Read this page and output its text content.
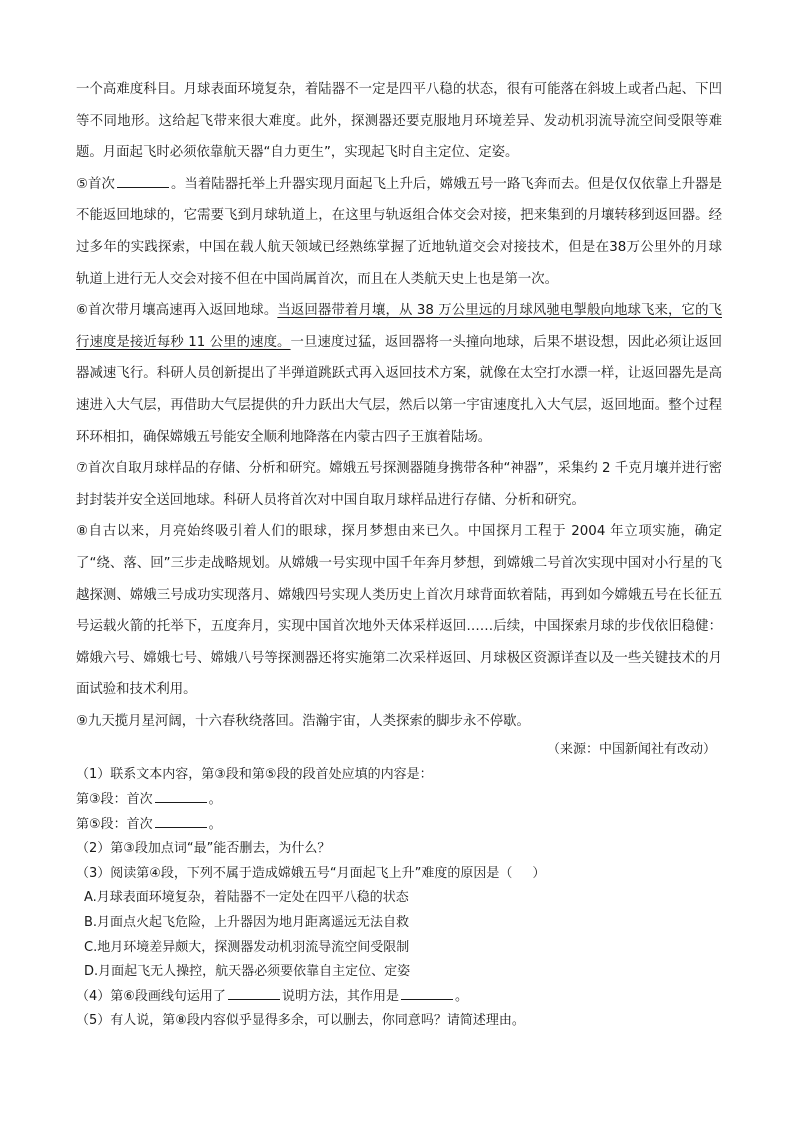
一个高难度科目。月球表面环境复杂，着陆器不一定是四平八稳的状态，很有可能落在斜坡上或者凸起、下凹等不同地形。这给起飞带来很大难度。此外，探测器还要克服地月环境差异、发动机羽流导流空间受限等难题。月面起飞时必须依靠航天器“自力更生”，实现起飞时自主定位、定姿。

⑤首次	。当着陆器托举上升器实现月面起飞上升后，嫦娥五号一路飞奔而去。但是仅仅依靠上升器是不能返回地球的，它需要飞到月球轨道上，在这里与轨返组合体交会对接，把来集到的月壤转移到返回器。经过多年的实践探索，中国在载人航天领域已经熟练掌握了近地轨道交会对接技术，但是在38万公里外的月球轨道上进行无人交会对接不但在中国尚属首次，而且在人类航天史上也是第一次。

⑥首次带月壤高速再入返回地球。当返回器带着月壤，从 38 万公里远的月球风驰电掣般向地球飞来，它的飞行速度是接近每秒 11 公里的速度。一旦速度过猛，返回器将一头撞向地球，后果不堪设想，因此必须让返回器减速飞行。科研人员创新提出了半弹道跳跃式再入返回技术方案，就像在太空打水漂一样，让返回器先是高速进入大气层，再借助大气层提供的升力跃出大气层，然后以第一宇宙速度扎入大气层，返回地面。整个过程环环相扣，确保嫦娥五号能安全顺利地降落在内蒙古四子王旗着陆场。

⑦首次自取月球样品的存储、分析和研究。嫦娥五号探测器随身携带各种“神器”，采集约 2 千克月壤并进行密封封装并安全送回地球。科研人员将首次对中国自取月球样品进行存储、分析和研究。

⑧自古以来，月亮始终吸引着人们的眼球，探月梦想由来已久。中国探月工程于 2004 年立项实施，确定了“绕、落、回”三步走战略规划。从嫦娥一号实现中国千年奔月梦想，到嫦娥二号首次实现中国对小行星的飞越探测、嫦娥三号成功实现落月、嫦娥四号实现人类历史上首次月球背面软着陆，再到如今嫦娥五号在长征五号运载火箭的托举下，五度奔月，实现中国首次地外天体采样返回……后续，中国探索月球的步伐依旧稳健：嫦娥六号、嫦娥七号、嫦娥八号等探测器还将实施第二次采样返回、月球极区资源详查以及一些关键技术的月面试验和技术利用。

⑨九天揽月星河阔，十六春秋绕落回。浩瀚宇宙，人类探索的脚步永不停歇。

（来源：中国新闻社有改动）

（1）联系文本内容，第③段和第⑤段的段首处应填的内容是：

第③段：首次	。

第⑤段：首次	。

（2）第③段加点词“最”能否删去，为什么？

（3）阅读第④段，下列不属于造成嫦娥五号“月面起飞上升”难度的原因是（ ）

A.月球表面环境复杂，着陆器不一定处在四平八稳的状态

B.月面点火起飞危险，上升器因为地月距离遥远无法自救

C.地月环境差异颇大，探测器发动机羽流导流空间受限制

D.月面起飞无人操控，航天器必须要依靠自主定位、定姿

（4）第⑥段画线句运用了	说明方法，其作用是	。

（5）有人说，第⑧段内容似乎显得多余，可以删去，你同意吗？请简述理由。
